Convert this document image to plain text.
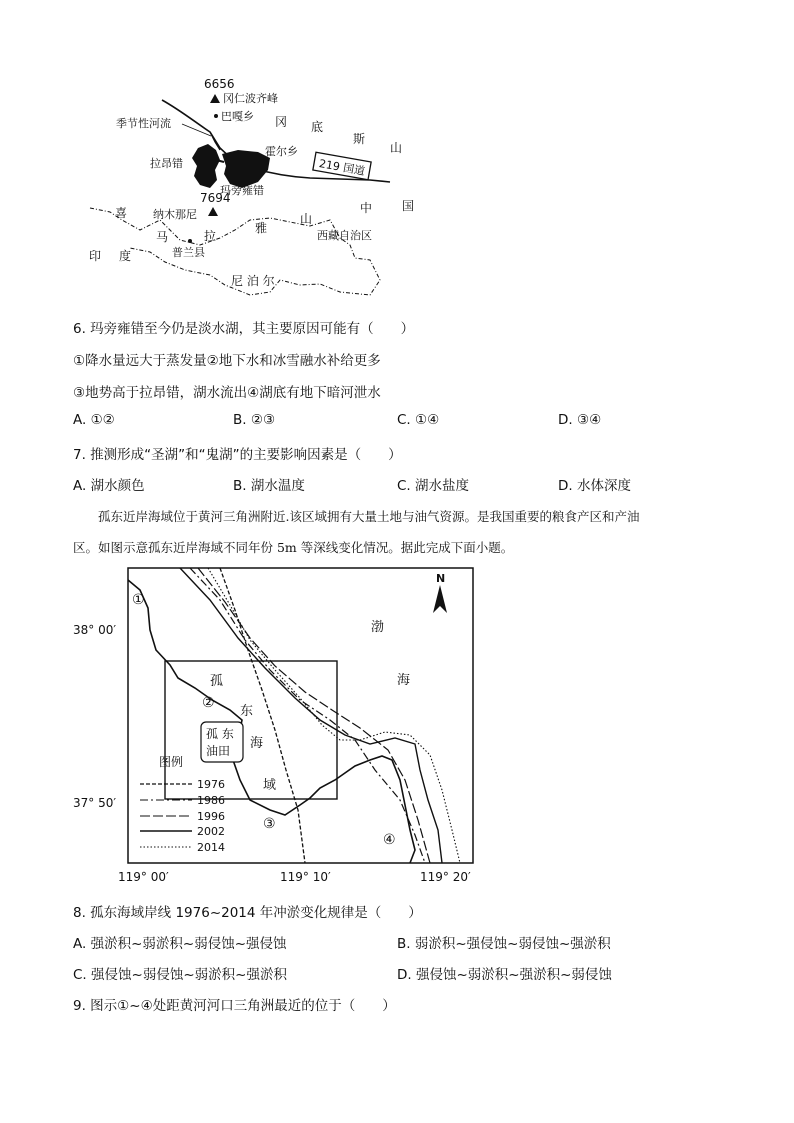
6656
冈仁波齐峰
巴嘎乡
季节性河流	冈 底
斯
山
霍尔乡
219 国道
拉昂错
玛旁雍错
7694
纳木那尼	中 国
喜
马	拉
雅
山
西藏自治区
印 度	普兰县
尼 泊 尔
6. 玛旁雍错至今仍是淡水湖，其主要原因可能有（　　）
①降水量远大于蒸发量②地下水和冰雪融水补给更多
③地势高于拉昂错，湖水流出④湖底有地下暗河泄水
A. ①②	B. ②③	C. ①④	D. ③④
7. 推测形成“圣湖”和“鬼湖”的主要影响因素是（　　）
A. 湖水颜色	B. 湖水温度	C. 湖水盐度	D. 水体深度
孤东近岸海域位于黄河三角洲附近.该区域拥有大量土地与油气资源。是我国重要的粮食产区和产油
区。如图示意孤东近岸海域不同年份 5m 等深线变化情况。据此完成下面小题。
N
渤
海
孤
东
海
域
孤 东
油田
图例
1976
1986
1996
2002
2014
①
②
③
④
38° 00′
37° 50′
119° 00′	119° 10′	119° 20′
8. 孤东海域岸线 1976~2014 年冲淤变化规律是（　　）
A. 强淤积~弱淤积~弱侵蚀~强侵蚀	B. 弱淤积~强侵蚀~弱侵蚀~强淤积
C. 强侵蚀~弱侵蚀~弱淤积~强淤积	D. 强侵蚀~弱淤积~强淤积~弱侵蚀
9. 图示①~④处距黄河河口三角洲最近的位于（　　）
